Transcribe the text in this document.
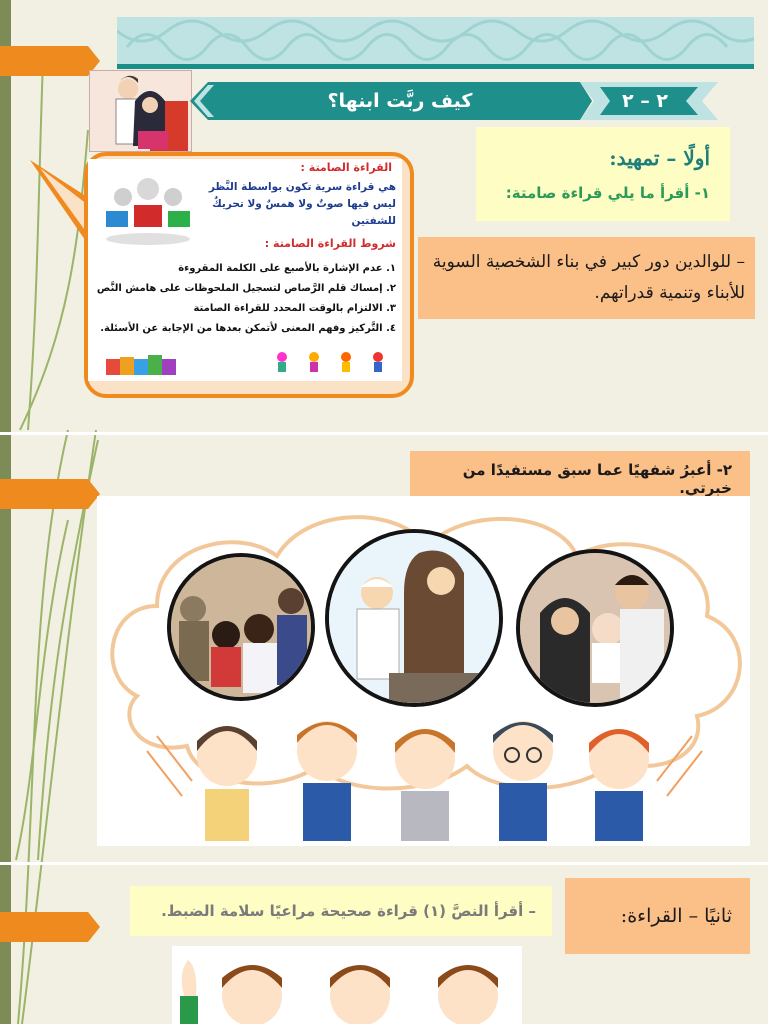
كيف ربَّت ابنها؟	٢ – ٢
أولًا – تمهيد:
١- أقرأ ما يلي قراءة صامتة:
– للوالدين دور كبير في بناء الشخصية السوية للأبناء وتنمية قدراتهم.
القراءة الصامتة :
هي قراءة سرية تكون بواسطة النَّظر ليس فيها صوتٌ ولا همسٌ ولا تحريكٌ للشفتين
شروط القراءة الصامتة :
١. عدم الإشارة بالأصبع على الكلمة المقروءة
٢. إمساك قلم الرَّصاص لتسجيل الملحوظات على هامش النَّص
٣. الالتزام بالوقت المحدد للقراءة الصامتة
٤. التَّركيز وفهم المعنى لأتمكن بعدها من الإجابة عن الأسئلة.
٢- أعبرُ شفهيًا عما سبق مستفيدًا من خبرتي.
– أقرأ النصَّ (١) قراءة صحيحة مراعيًا سلامة الضبط.	ثانيًا – القراءة:
